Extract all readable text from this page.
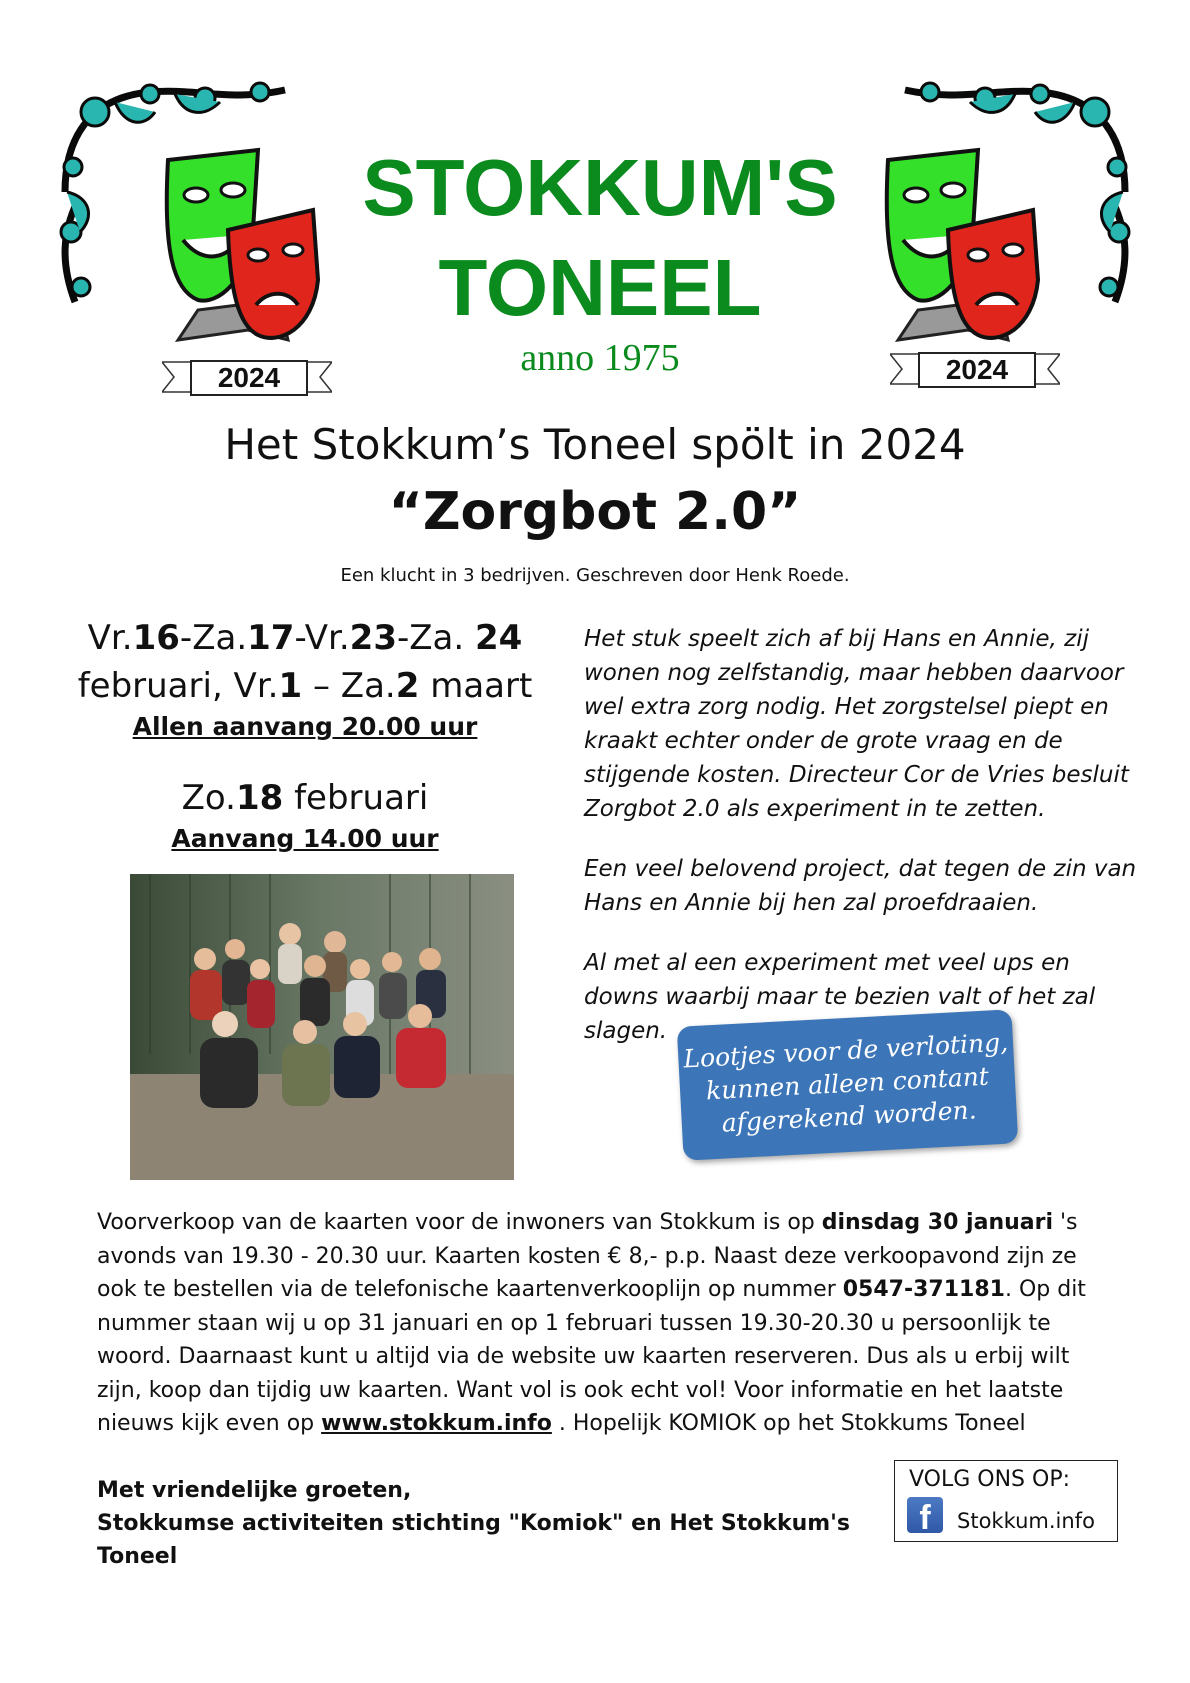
2024	2024
STOKKUM'S
TONEEL
anno 1975
Het Stokkum’s Toneel spölt in 2024
“Zorgbot 2.0”
Een klucht in 3 bedrijven. Geschreven door Henk Roede.
Vr.16-Za.17-Vr.23-Za. 24
februari, Vr.1 – Za.2 maart
Allen aanvang 20.00 uur
Zo.18 februari
Aanvang 14.00 uur
Het stuk speelt zich af bij Hans en Annie, zij wonen nog zelfstandig, maar hebben daarvoor wel extra zorg nodig. Het zorgstelsel piept en kraakt echter onder de grote vraag en de stijgende kosten. Directeur Cor de Vries besluit Zorgbot 2.0 als experiment in te zetten.
Een veel belovend project, dat tegen de zin van Hans en Annie bij hen zal proefdraaien.
Al met al een experiment met veel ups en downs waarbij maar te bezien valt of het zal slagen. Lootjes voor de verloting,
kunnen alleen contant
afgerekend worden.
Voorverkoop van de kaarten voor de inwoners van Stokkum is op dinsdag 30 januari 's avonds van 19.30 - 20.30 uur. Kaarten kosten € 8,- p.p. Naast deze verkoopavond zijn ze ook te bestellen via de telefonische kaartenverkooplijn op nummer 0547-371181. Op dit nummer staan wij u op 31 januari en op 1 februari tussen 19.30-20.30 u persoonlijk te woord. Daarnaast kunt u altijd via de website uw kaarten reserveren. Dus als u erbij wilt zijn, koop dan tijdig uw kaarten. Want vol is ook echt vol! Voor informatie en het laatste nieuws kijk even op www.stokkum.info . Hopelijk KOMIOK op het Stokkums Toneel
Met vriendelijke groeten,
Stokkumse activiteiten stichting "Komiok" en Het Stokkum's Toneel
VOLG ONS OP:
f	Stokkum.info
